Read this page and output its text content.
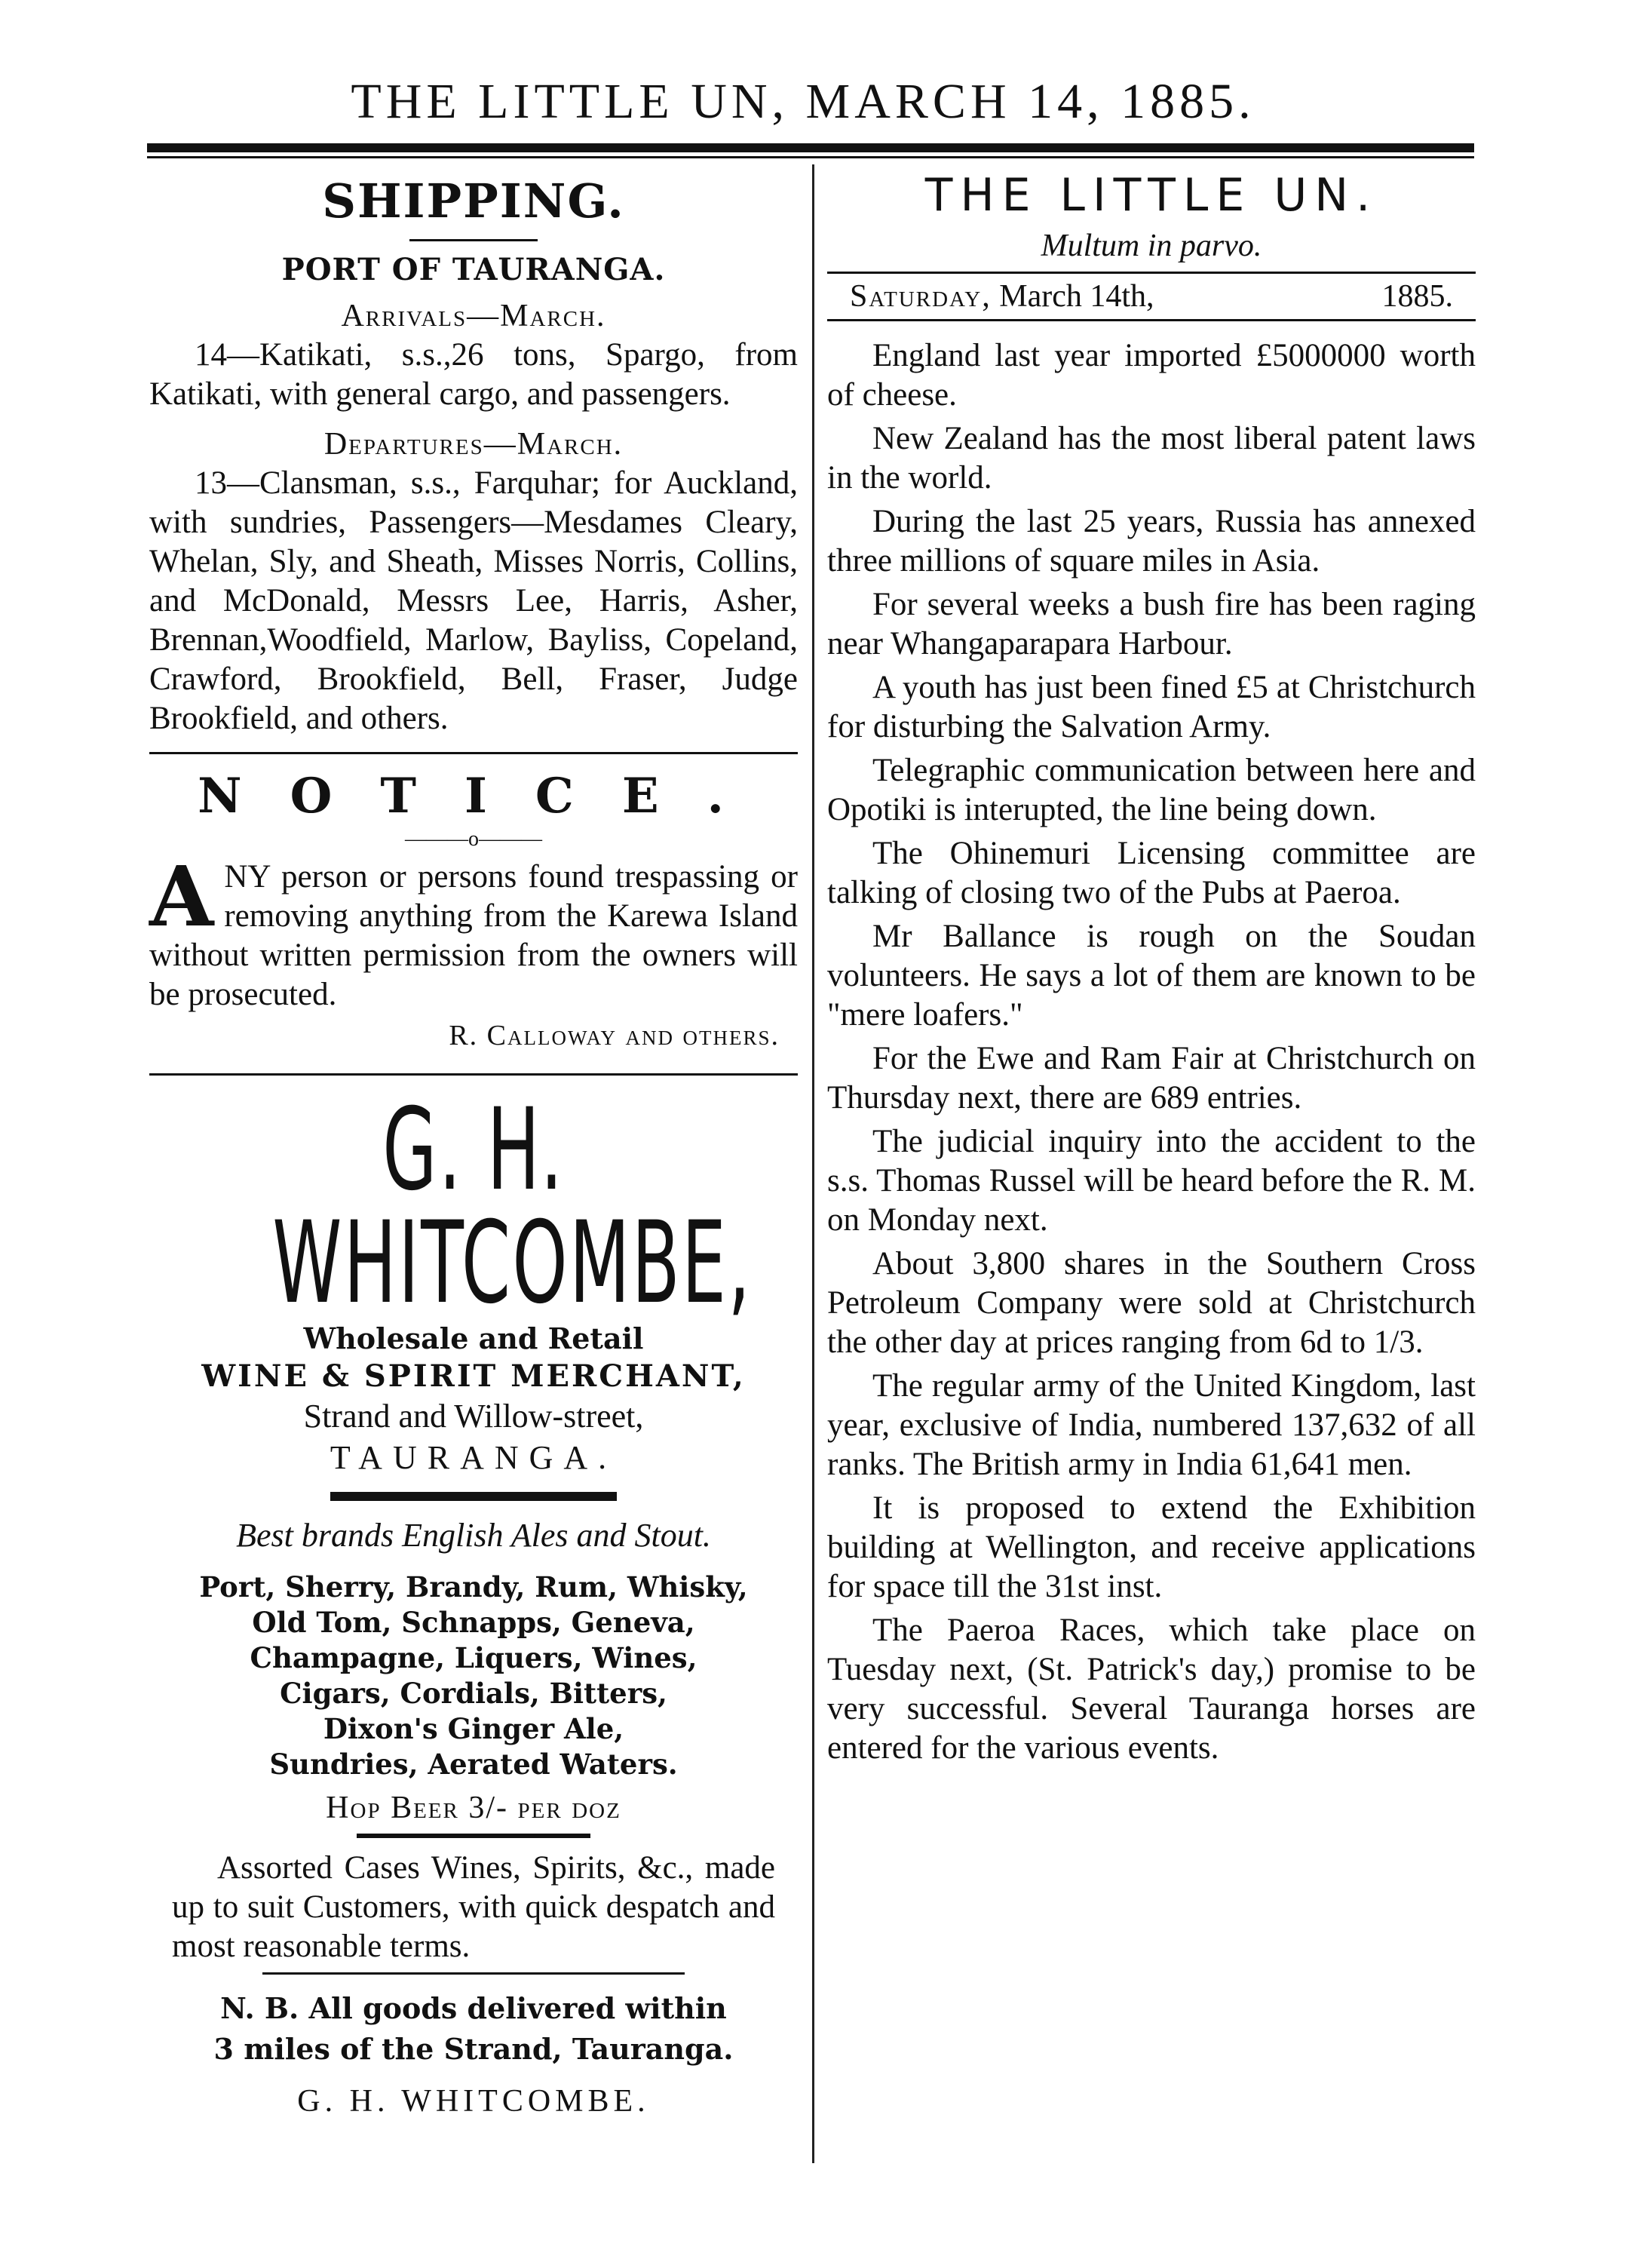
THE LITTLE UN, MARCH 14, 1885.
SHIPPING.
PORT OF TAURANGA.
Arrivals—March.

14—Katikati, s.s.,26 tons, Spargo, from Katikati, with general cargo, and passengers.

Departures—March.

13—Clansman, s.s., Farquhar; for Auckland, with sundries, Passengers—Mesdames Cleary, Whelan, Sly, and Sheath, Misses Norris, Collins, and McDonald, Messrs Lee, Harris, Asher, Brennan,Woodfield, Marlow, Bayliss, Copeland, Crawford, Brookfield, Bell, Fraser, Judge Brookfield, and others.

NOTICE.
———o———
A NY person or persons found trespassing or removing anything from the Karewa Island without written permission from the owners will be prosecuted.
R. Calloway and others.
G. H. WHITCOMBE,
Wholesale and Retail
WINE & SPIRIT MERCHANT,
Strand and Willow-street,
TAURANGA.
Best brands English Ales and Stout.
Port, Sherry, Brandy, Rum, Whisky,
Old Tom, Schnapps, Geneva,
Champagne, Liquers, Wines,
Cigars, Cordials, Bitters,
Dixon's Ginger Ale,
Sundries, Aerated Waters.
Hop Beer 3/- per doz

Assorted Cases Wines, Spirits, &c., made up to suit Customers, with quick despatch and most reasonable terms.

N. B. All goods delivered within
3 miles of the Strand, Tauranga.
G. H. WHITCOMBE.
THE LITTLE UN.
Multum in parvo.
Saturday, March 14th,	1885.

England last year imported £5000000 worth of cheese.

New Zealand has the most liberal patent laws in the world.

During the last 25 years, Russia has annexed three millions of square miles in Asia.

For several weeks a bush fire has been raging near Whangaparapara Harbour.

A youth has just been fined £5 at Christchurch for disturbing the Salvation Army.

Telegraphic communication between here and Opotiki is interupted, the line being down.

The Ohinemuri Licensing committee are talking of closing two of the Pubs at Paeroa.

Mr Ballance is rough on the Soudan volunteers. He says a lot of them are known to be "mere loafers."

For the Ewe and Ram Fair at Christchurch on Thursday next, there are 689 entries.

The judicial inquiry into the accident to the s.s. Thomas Russel will be heard before the R. M. on Monday next.

About 3,800 shares in the Southern Cross Petroleum Company were sold at Christchurch the other day at prices ranging from 6d to 1/3.

The regular army of the United Kingdom, last year, exclusive of India, numbered 137,632 of all ranks. The British army in India 61,641 men.

It is proposed to extend the Exhibition building at Wellington, and receive applications for space till the 31st inst.

The Paeroa Races, which take place on Tuesday next, (St. Patrick's day,) promise to be very successful. Several Tauranga horses are entered for the various events.
